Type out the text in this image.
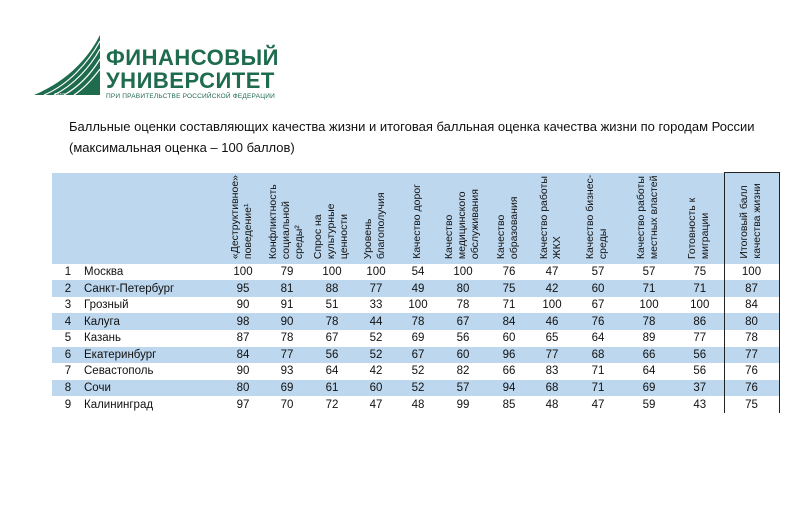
1919
ФИНАНСОВЫЙ
УНИВЕРСИТЕТ
ПРИ ПРАВИТЕЛЬСТВЕ РОССИЙСКОЙ ФЕДЕРАЦИИ
Балльные оценки составляющих качества жизни и итоговая балльная оценка качества жизни по городам России (максимальная оценка – 100 баллов)
		«Деструктивное» поведение¹	Конфликтность социальной среды²	Спрос на культурные ценности	Уровень благополучия	Качество дорог	Качество медицинского обслуживания	Качество образования	Качество работы ЖКХ	Качество бизнес-среды	Качество работы местных властей	Готовность к миграции	Итоговый балл качества жизни
1	Москва	100	79	100	100	54	100	76	47	57	57	75	100
2	Санкт-Петербург	95	81	88	77	49	80	75	42	60	71	71	87
3	Грозный	90	91	51	33	100	78	71	100	67	100	100	84
4	Калуга	98	90	78	44	78	67	84	46	76	78	86	80
5	Казань	87	78	67	52	69	56	60	65	64	89	77	78
6	Екатеринбург	84	77	56	52	67	60	96	77	68	66	56	77
7	Севастополь	90	93	64	42	52	82	66	83	71	64	56	76
8	Сочи	80	69	61	60	52	57	94	68	71	69	37	76
9	Калининград	97	70	72	47	48	99	85	48	47	59	43	75
